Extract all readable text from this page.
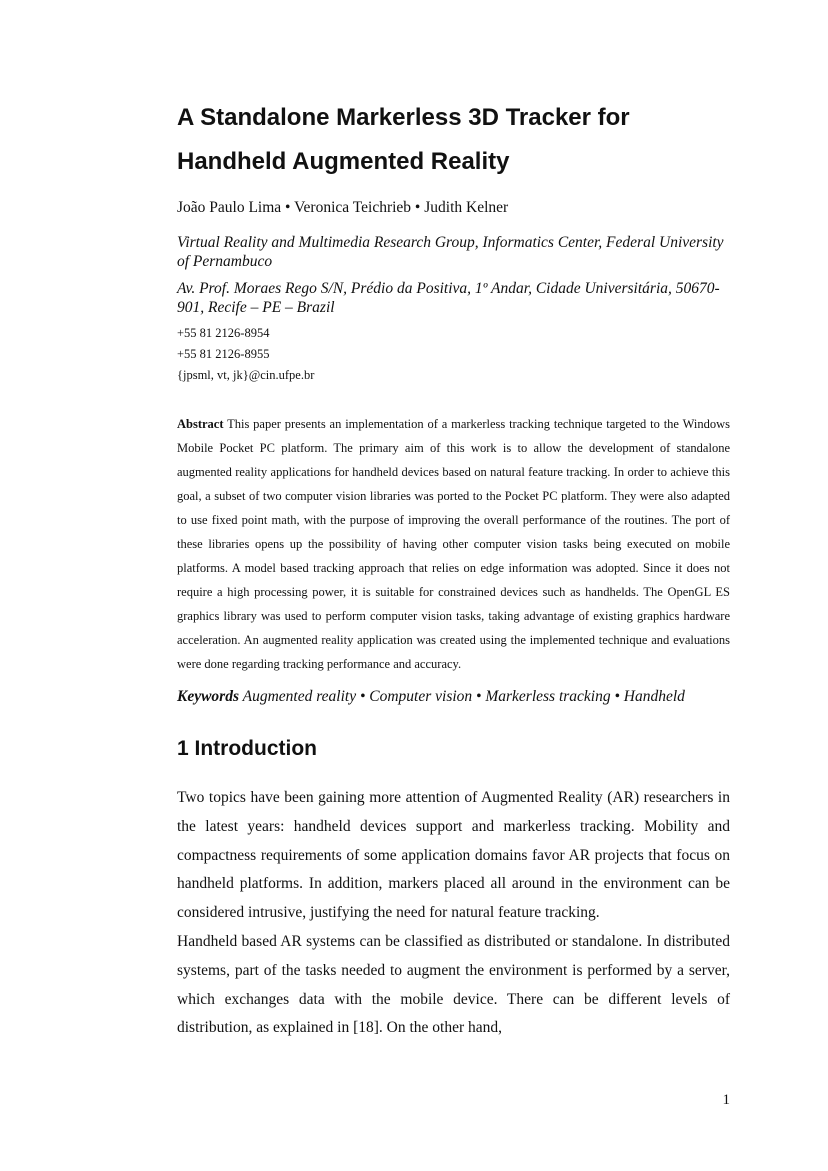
A Standalone Markerless 3D Tracker for
Handheld Augmented Reality
João Paulo Lima • Veronica Teichrieb • Judith Kelner
Virtual Reality and Multimedia Research Group, Informatics Center, Federal University of Pernambuco
Av. Prof. Moraes Rego S/N, Prédio da Positiva, 1º Andar, Cidade Universitária, 50670-901, Recife – PE – Brazil
+55 81 2126-8954
+55 81 2126-8955
{jpsml, vt, jk}@cin.ufpe.br
Abstract This paper presents an implementation of a markerless tracking technique targeted to the Windows Mobile Pocket PC platform. The primary aim of this work is to allow the development of standalone augmented reality applications for handheld devices based on natural feature tracking. In order to achieve this goal, a subset of two computer vision libraries was ported to the Pocket PC platform. They were also adapted to use fixed point math, with the purpose of improving the overall performance of the routines. The port of these libraries opens up the possibility of having other computer vision tasks being executed on mobile platforms. A model based tracking approach that relies on edge information was adopted. Since it does not require a high processing power, it is suitable for constrained devices such as handhelds. The OpenGL ES graphics library was used to perform computer vision tasks, taking advantage of existing graphics hardware acceleration. An augmented reality application was created using the implemented technique and evaluations were done regarding tracking performance and accuracy.
Keywords Augmented reality • Computer vision • Markerless tracking • Handheld
1 Introduction

Two topics have been gaining more attention of Augmented Reality (AR) researchers in the latest years: handheld devices support and markerless tracking. Mobility and compactness requirements of some application domains favor AR projects that focus on handheld platforms. In addition, markers placed all around in the environment can be considered intrusive, justifying the need for natural feature tracking.

Handheld based AR systems can be classified as distributed or standalone. In distributed systems, part of the tasks needed to augment the environment is performed by a server, which exchanges data with the mobile device. There can be different levels of distribution, as explained in [18]. On the other hand,

1
